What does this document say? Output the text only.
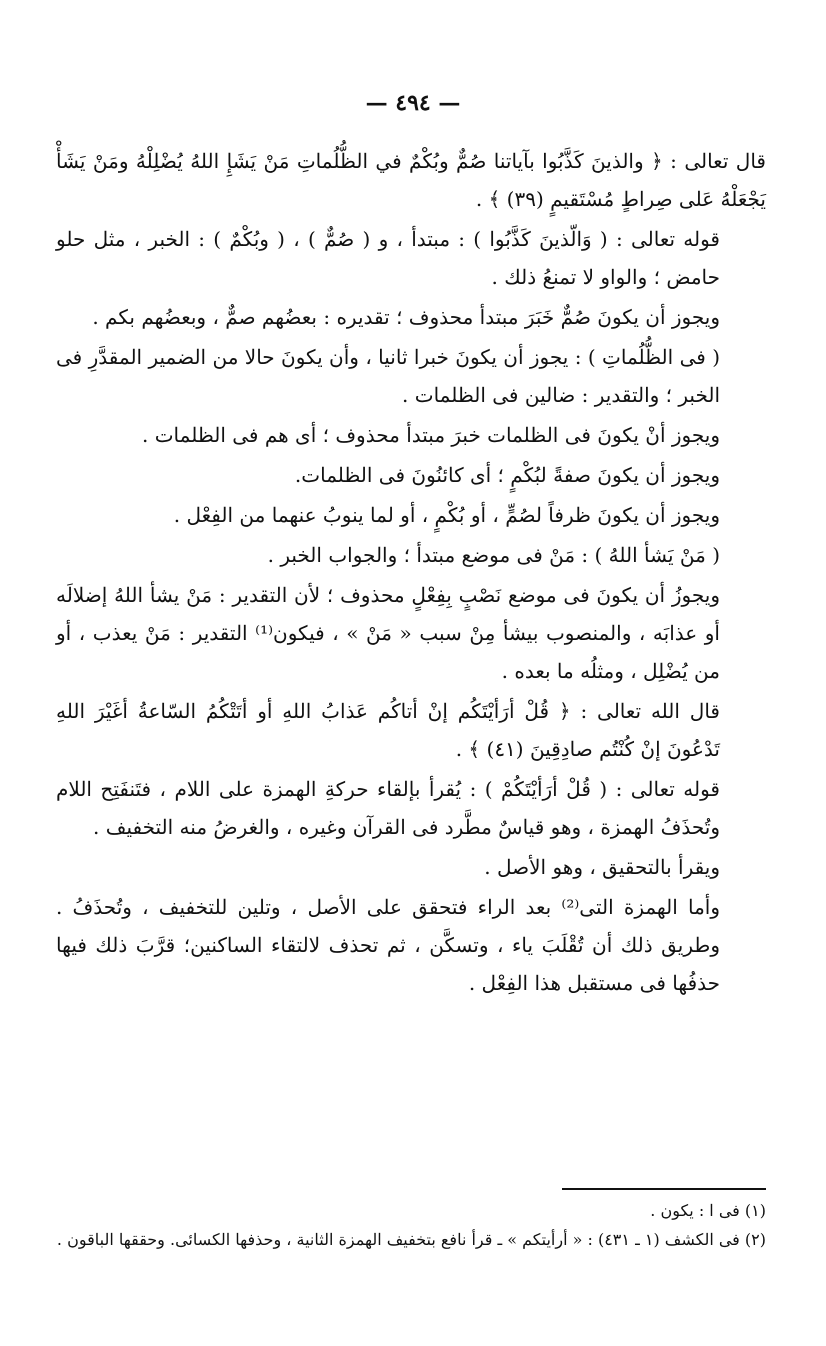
— ٤٩٤ —

قال تعالى : ﴿ والذينَ كَذَّبُوا بآياتنا صُمٌّ وبُكْمٌ في الظُّلُماتِ مَنْ يَشَإِ اللهُ يُضْلِلْهُ ومَنْ يَشَأْ يَجْعَلْهُ عَلى صِراطٍ مُسْتَقيمٍ (٣٩) ﴾ .

قوله تعالى : ( وَالّذينَ كَذَّبُوا ) : مبتدأ ، و ( صُمٌّ ) ، ( وبُكْمٌ ) : الخبر ، مثل حلو حامض ؛ والواو لا تمنعُ ذلك .

ويجوز أن يكونَ صُمٌّ خَبَرَ مبتدأ محذوف ؛ تقديره : بعضُهم صمٌّ ، وبعضُهم بكم .

( فى الظُّلُماتِ ) : يجوز أن يكونَ خبرا ثانيا ، وأن يكونَ حالا من الضمير المقدَّرِ فى الخبر ؛ والتقدير : ضالين فى الظلمات .

ويجوز أنْ يكونَ فى الظلمات خبرَ مبتدأ محذوف ؛ أى هم فى الظلمات .

ويجوز أن يكونَ صفةً لبُكْمٍ ؛ أى كائنُونَ فى الظلمات.

ويجوز أن يكونَ ظرفاً لصُمٍّ ، أو بُكْمٍ ، أو لما ينوبُ عنهما من الفِعْل .

( مَنْ يَشأ اللهُ ) : مَنْ فى موضع مبتدأ ؛ والجواب الخبر .

ويجوزُ أن يكونَ فى موضع نَصْبٍ بِفِعْلٍ محذوف ؛ لأن التقدير : مَنْ يشأ اللهُ إضلالَه أو عذابَه ، والمنصوب بيشأ مِنْ سبب « مَنْ » ، فيكون⁽¹⁾ التقدير : مَنْ يعذب ، أو من يُضْلِل ، ومثلُه ما بعده .

قال الله تعالى : ﴿ قُلْ أرَأيْتَكُم إنْ أتاكُم عَذابُ اللهِ أو أتَتْكُمُ السّاعةُ أغَيْرَ اللهِ تَدْعُونَ إنْ كُنْتُم صادِقِينَ (٤١) ﴾ .

قوله تعالى : ( قُلْ أرَأيْتَكُمْ ) : يُقرأ بإلقاء حركةِ الهمزة على اللام ، فتَنفَتِح اللام وتُحذَفُ الهمزة ، وهو قياسٌ مطَّرد فى القرآن وغيره ، والغرضُ منه التخفيف .

ويقرأ بالتحقيق ، وهو الأصل .

وأما الهمزة التى⁽²⁾ بعد الراء فتحقق على الأصل ، وتلين للتخفيف ، وتُحذَفُ . وطريق ذلك أن تُقْلَبَ ياء ، وتسكَّن ، ثم تحذف لالتقاء الساكنين؛ قرَّبَ ذلك فيها حذفُها فى مستقبل هذا الفِعْل .

(١) فى ا : يكون .

(٢) فى الكشف (١ ـ ٤٣١) : « أرأيتكم » ـ قرأ نافع بتخفيف الهمزة الثانية ، وحذفها الكسائى. وحققها الباقون .
